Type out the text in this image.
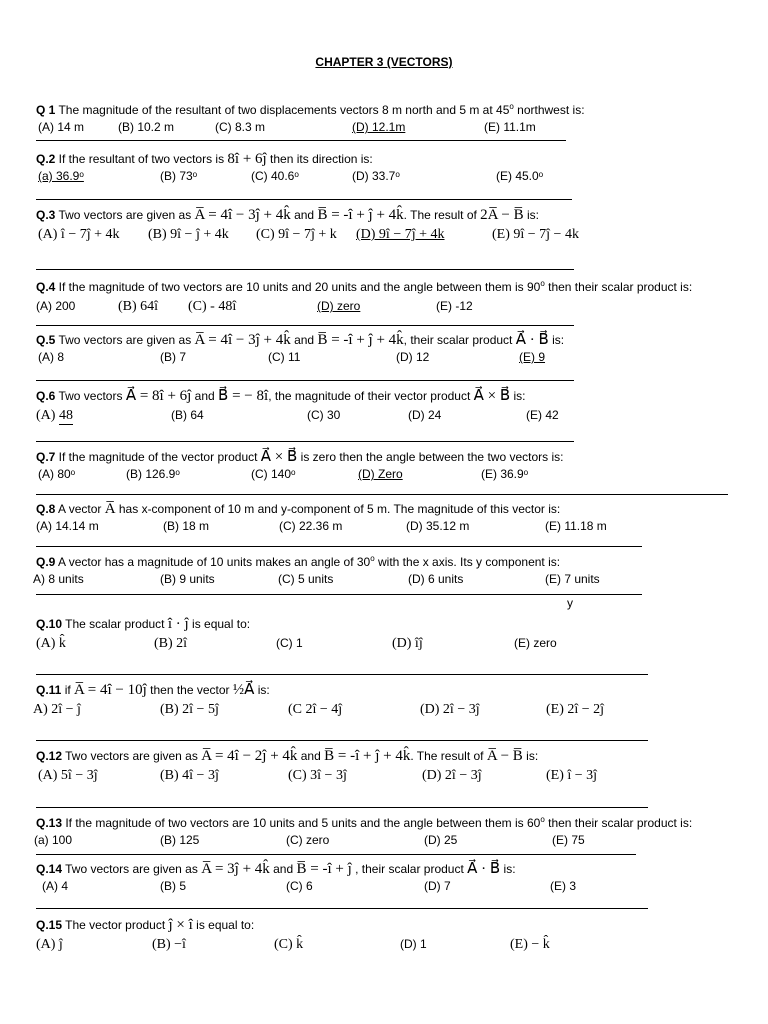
CHAPTER 3 (VECTORS)
Q 1 The magnitude of the resultant of two displacements vectors 8 m north and 5 m at 45$^o$ northwest is:
(A) 14 m	(B) 10.2 m	(C) 8.3 m	(D) 12.1m	(E) 11.1m
Q.2 If the resultant of two vectors is 8î + 6ĵ then its direction is:
(a) 36.9ᵒ	(B) 73ᵒ	(C) 40.6ᵒ	(D) 33.7ᵒ	(E) 45.0ᵒ
Q.3 Two vectors are given as A̅ = 4î − 3ĵ + 4k̂ and B̅ = -î + ĵ + 4k̂. The result of 2A̅ − B̅ is:
(A) î − 7ĵ + 4k (B) 9î − ĵ + 4k (C) 9î − 7ĵ + k (D) 9î − 7ĵ + 4k	(E) 9î − 7ĵ − 4k
Q.4 If the magnitude of two vectors are 10 units and 20 units and the angle between them is 90$^o$ then their scalar product is:
(A) 200	(B) 64î (C) - 48î	(D) zero	(E) -12
Q.5 Two vectors are given as A̅ = 4î − 3ĵ + 4k̂ and B̅ = -î + ĵ + 4k̂, their scalar product A⃗ · B⃗ is:
(A) 8	(B) 7	(C) 11	(D) 12	(E) 9
Q.6 Two vectors A⃗ = 8î + 6ĵ and B⃗ = − 8î, the magnitude of their vector product A⃗ × B⃗ is:
(A) 48	(B) 64	(C) 30	(D) 24	(E) 42
Q.7 If the magnitude of the vector product A⃗ × B⃗ is zero then the angle between the two vectors is:
(A) 80ᵒ	(B) 126.9ᵒ	(C) 140ᵒ	(D) Zero	(E) 36.9ᵒ
Q.8 A vector A̅ has x-component of 10 m and y-component of 5 m. The magnitude of this vector is:
(A) 14.14 m	(B) 18 m	(C) 22.36 m	(D) 35.12 m	(E) 11.18 m
Q.9 A vector has a magnitude of 10 units makes an angle of 30$^o$ with the x axis. Its y component is:
A) 8 units	(B) 9 units	(C) 5 units	(D) 6 units	(E) 7 units
y
Q.10 The scalar product î · ĵ is equal to:
(A) k̂	(B) 2î	(C) 1	(D) îĵ	(E) zero
Q.11 if A̅ = 4î − 10ĵ then the vector ½A⃗ is:
A) 2î − ĵ	(B) 2î − 5ĵ	(C 2î − 4ĵ	(D) 2î − 3ĵ	(E) 2î − 2ĵ
Q.12 Two vectors are given as A̅ = 4î − 2ĵ + 4k̂ and B̅ = -î + ĵ + 4k̂. The result of A̅ − B̅ is:
(A) 5î − 3ĵ	(B) 4î − 3ĵ	(C) 3î − 3ĵ	(D) 2î − 3ĵ	(E) î − 3ĵ
Q.13 If the magnitude of two vectors are 10 units and 5 units and the angle between them is 60$^o$ then their scalar product is:
(a) 100	(B) 125	(C) zero	(D) 25	(E) 75
Q.14 Two vectors are given as A̅ = 3ĵ + 4k̂ and B̅ = -î + ĵ , their scalar product A⃗ · B⃗ is:
(A) 4	(B) 5	(C) 6	(D) 7	(E) 3
Q.15 The vector product ĵ × î is equal to:
(A) ĵ	(B) −î	(C) k̂	(D) 1	(E) − k̂
